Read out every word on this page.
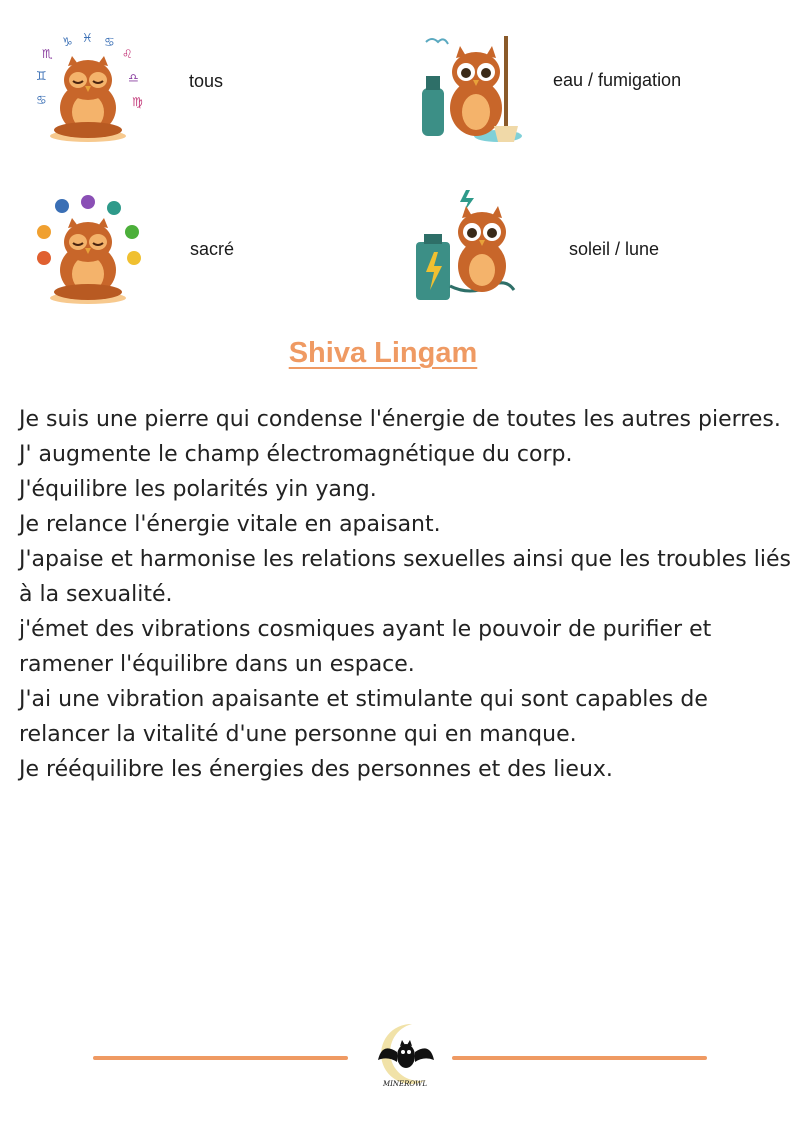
♏
♑ ♓ ♋
♌
♊	♎
♋	♍
tous	eau / fumigation
sacré	soleil / lune
Shiva Lingam
Je suis une pierre qui condense l'énergie de toutes les autres pierres.
J' augmente le champ électromagnétique du corp.
J'équilibre les polarités yin yang.
Je relance l'énergie vitale en apaisant.
J'apaise et harmonise les relations sexuelles ainsi que les troubles liés à la sexualité.
j'émet des vibrations cosmiques ayant le pouvoir de purifier et ramener l'équilibre dans un espace.
J'ai une vibration apaisante et stimulante qui sont capables de relancer la vitalité d'une personne qui en manque.
Je rééquilibre les énergies des personnes et des lieux.
MINEROWL
